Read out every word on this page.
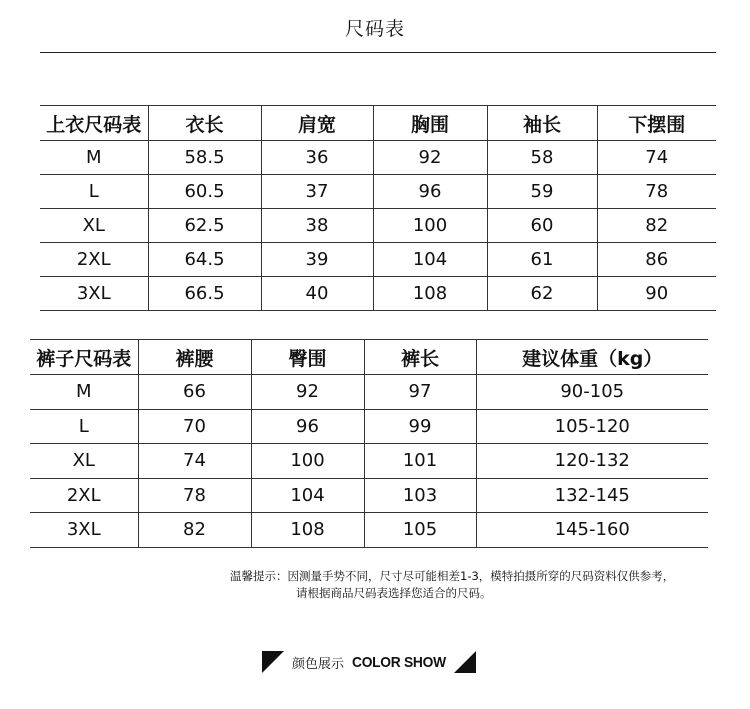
尺码表
上衣尺码表	衣长	肩宽	胸围	袖长	下摆围
M	58.5	36	92	58	74
L	60.5	37	96	59	78
XL	62.5	38	100	60	82
2XL	64.5	39	104	61	86
3XL	66.5	40	108	62	90
裤子尺码表	裤腰	臀围	裤长	建议体重（kg）
M	66	92	97	90-105
L	70	96	99	105-120
XL	74	100	101	120-132
2XL	78	104	103	132-145
3XL	82	108	105	145-160
温馨提示：因测量手势不同，尺寸尽可能相差1-3，模特拍摄所穿的尺码资料仅供参考，
请根据商品尺码表选择您适合的尺码。
颜色展示 COLOR SHOW
